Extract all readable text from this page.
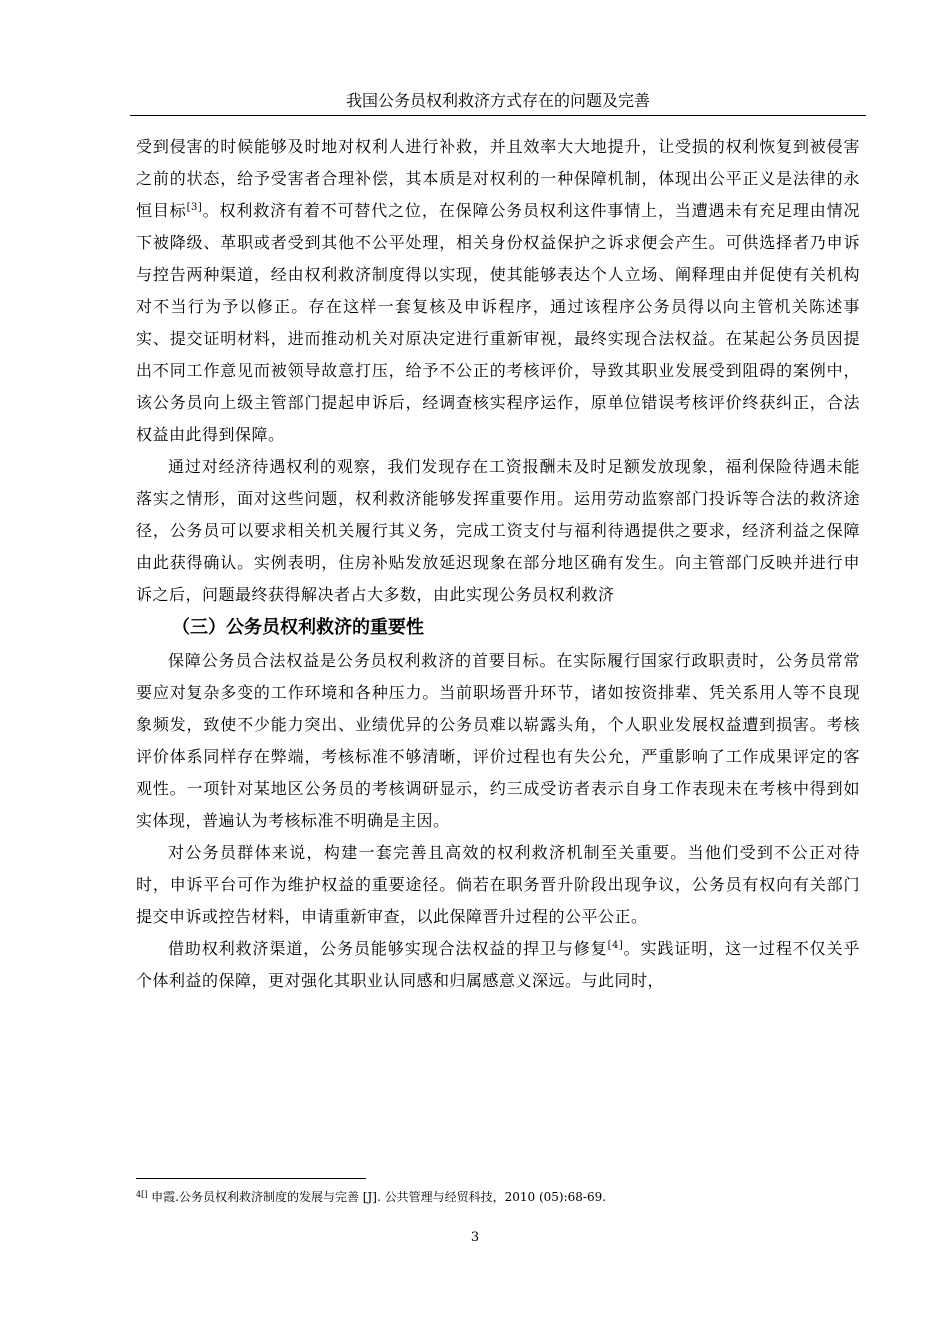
我国公务员权利救济方式存在的问题及完善

受到侵害的时候能够及时地对权利人进行补救，并且效率大大地提升，让受损的权利恢复到被侵害之前的状态，给予受害者合理补偿，其本质是对权利的一种保障机制，体现出公平正义是法律的永恒目标[3]。权利救济有着不可替代之位，在保障公务员权利这件事情上，当遭遇未有充足理由情况下被降级、革职或者受到其他不公平处理，相关身份权益保护之诉求便会产生。可供选择者乃申诉与控告两种渠道，经由权利救济制度得以实现，使其能够表达个人立场、阐释理由并促使有关机构对不当行为予以修正。存在这样一套复核及申诉程序，通过该程序公务员得以向主管机关陈述事实、提交证明材料，进而推动机关对原决定进行重新审视，最终实现合法权益。在某起公务员因提出不同工作意见而被领导故意打压，给予不公正的考核评价，导致其职业发展受到阻碍的案例中，该公务员向上级主管部门提起申诉后，经调查核实程序运作，原单位错误考核评价终获纠正，合法权益由此得到保障。

通过对经济待遇权利的观察，我们发现存在工资报酬未及时足额发放现象，福利保险待遇未能落实之情形，面对这些问题，权利救济能够发挥重要作用。运用劳动监察部门投诉等合法的救济途径，公务员可以要求相关机关履行其义务，完成工资支付与福利待遇提供之要求，经济利益之保障由此获得确认。实例表明，住房补贴发放延迟现象在部分地区确有发生。向主管部门反映并进行申诉之后，问题最终获得解决者占大多数，由此实现公务员权利救济

（三）公务员权利救济的重要性

保障公务员合法权益是公务员权利救济的首要目标。在实际履行国家行政职责时，公务员常常要应对复杂多变的工作环境和各种压力。当前职场晋升环节，诸如按资排辈、凭关系用人等不良现象频发，致使不少能力突出、业绩优异的公务员难以崭露头角，个人职业发展权益遭到损害。考核评价体系同样存在弊端，考核标准不够清晰，评价过程也有失公允，严重影响了工作成果评定的客观性。一项针对某地区公务员的考核调研显示，约三成受访者表示自身工作表现未在考核中得到如实体现，普遍认为考核标准不明确是主因。

对公务员群体来说，构建一套完善且高效的权利救济机制至关重要。当他们受到不公正对待时，申诉平台可作为维护权益的重要途径。倘若在职务晋升阶段出现争议，公务员有权向有关部门提交申诉或控告材料，申请重新审查，以此保障晋升过程的公平公正。

借助权利救济渠道，公务员能够实现合法权益的捍卫与修复[4]。实践证明，这一过程不仅关乎个体利益的保障，更对强化其职业认同感和归属感意义深远。与此同时，

$^{4[]}$ 申霞.公务员权利救济制度的发展与完善 [J]. 公共管理与经贸科技，2010 (05):68-69.
3
